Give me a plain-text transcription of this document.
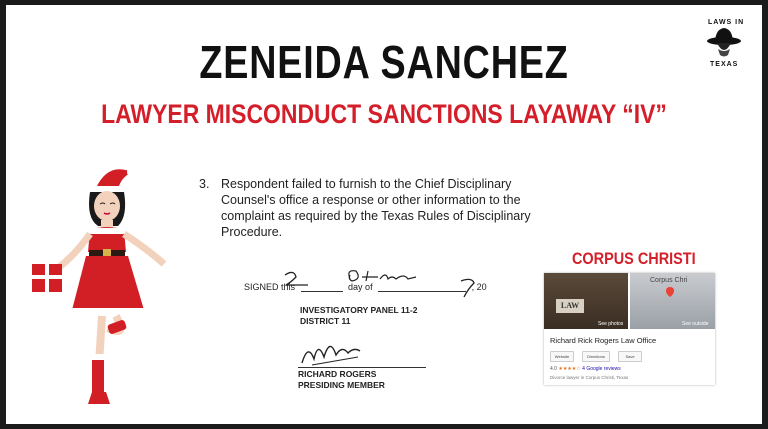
ZENEIDA SANCHEZ
LAWYER MISCONDUCT SANCTIONS LAYAWAY “IV”
LAWS IN
TEXAS
3. Respondent failed to furnish to the Chief Disciplinary Counsel's office a response or other information to the complaint as required by the Texas Rules of Disciplinary Procedure.
SIGNED this	day of	, 20
INVESTIGATORY PANEL 11-2
DISTRICT 11
RICHARD ROGERS
PRESIDING MEMBER
CORPUS CHRISTI
LAW
See photos
Corpus Chri
See outside
Richard Rick Rogers Law Office
Website	Directions	Save
4.0 ★★★★☆ 4 Google reviews
Divorce lawyer in Corpus Christi, Texas
